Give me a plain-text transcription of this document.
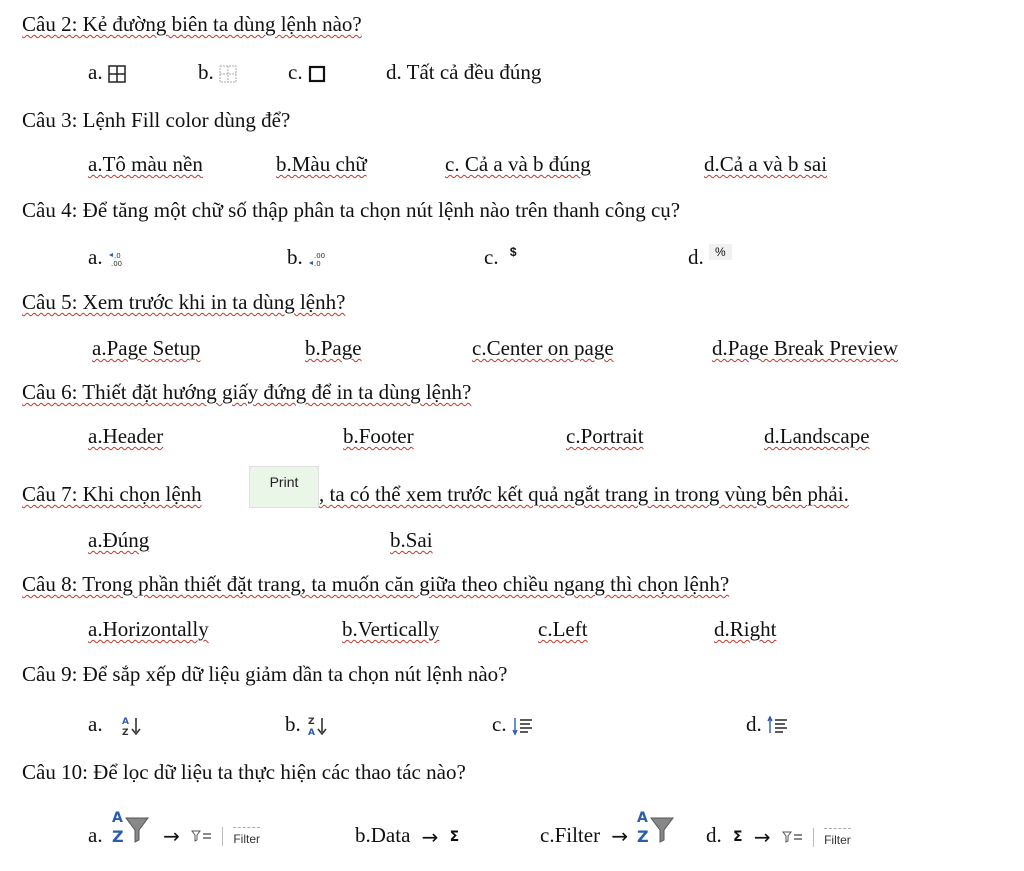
Câu 2: Kẻ đường biên ta dùng lệnh nào?
a.	b.	c.	d. Tất cả đều đúng
Câu 3: Lệnh Fill color dùng để?
a.Tô màu nền	b.Màu chữ	c. Cả a và b đúng	d.Cả a và b sai
Câu 4: Để tăng một chữ số thập phân ta chọn nút lệnh nào trên thanh công cụ?
a. .0
.00	b. .00
.0	c. $	d. %
Câu 5: Xem trước khi in ta dùng lệnh?
a.Page Setup	b.Page	c.Center on page	d.Page Break Preview
Câu 6: Thiết đặt hướng giấy đứng để in ta dùng lệnh?
a.Header	b.Footer	c.Portrait	d.Landscape
Câu 7: Khi chọn lệnh	Print , ta có thể xem trước kết quả ngắt trang in trong vùng bên phải.
a.Đúng	b.Sai
Câu 8: Trong phần thiết đặt trang, ta muốn căn giữa theo chiều ngang thì chọn lệnh?
a.Horizontally	b.Vertically	c.Left	d.Right
Câu 9: Để sắp xếp dữ liệu giảm dần ta chọn nút lệnh nào?
a. A
Z	b. Z
A	c.	d.
Câu 10: Để lọc dữ liệu ta thực hiện các thao tác nào?
a.
A
Z →	Filter	b.Data → Σ	c.Filter →
A
Z	d. Σ →	Filter
